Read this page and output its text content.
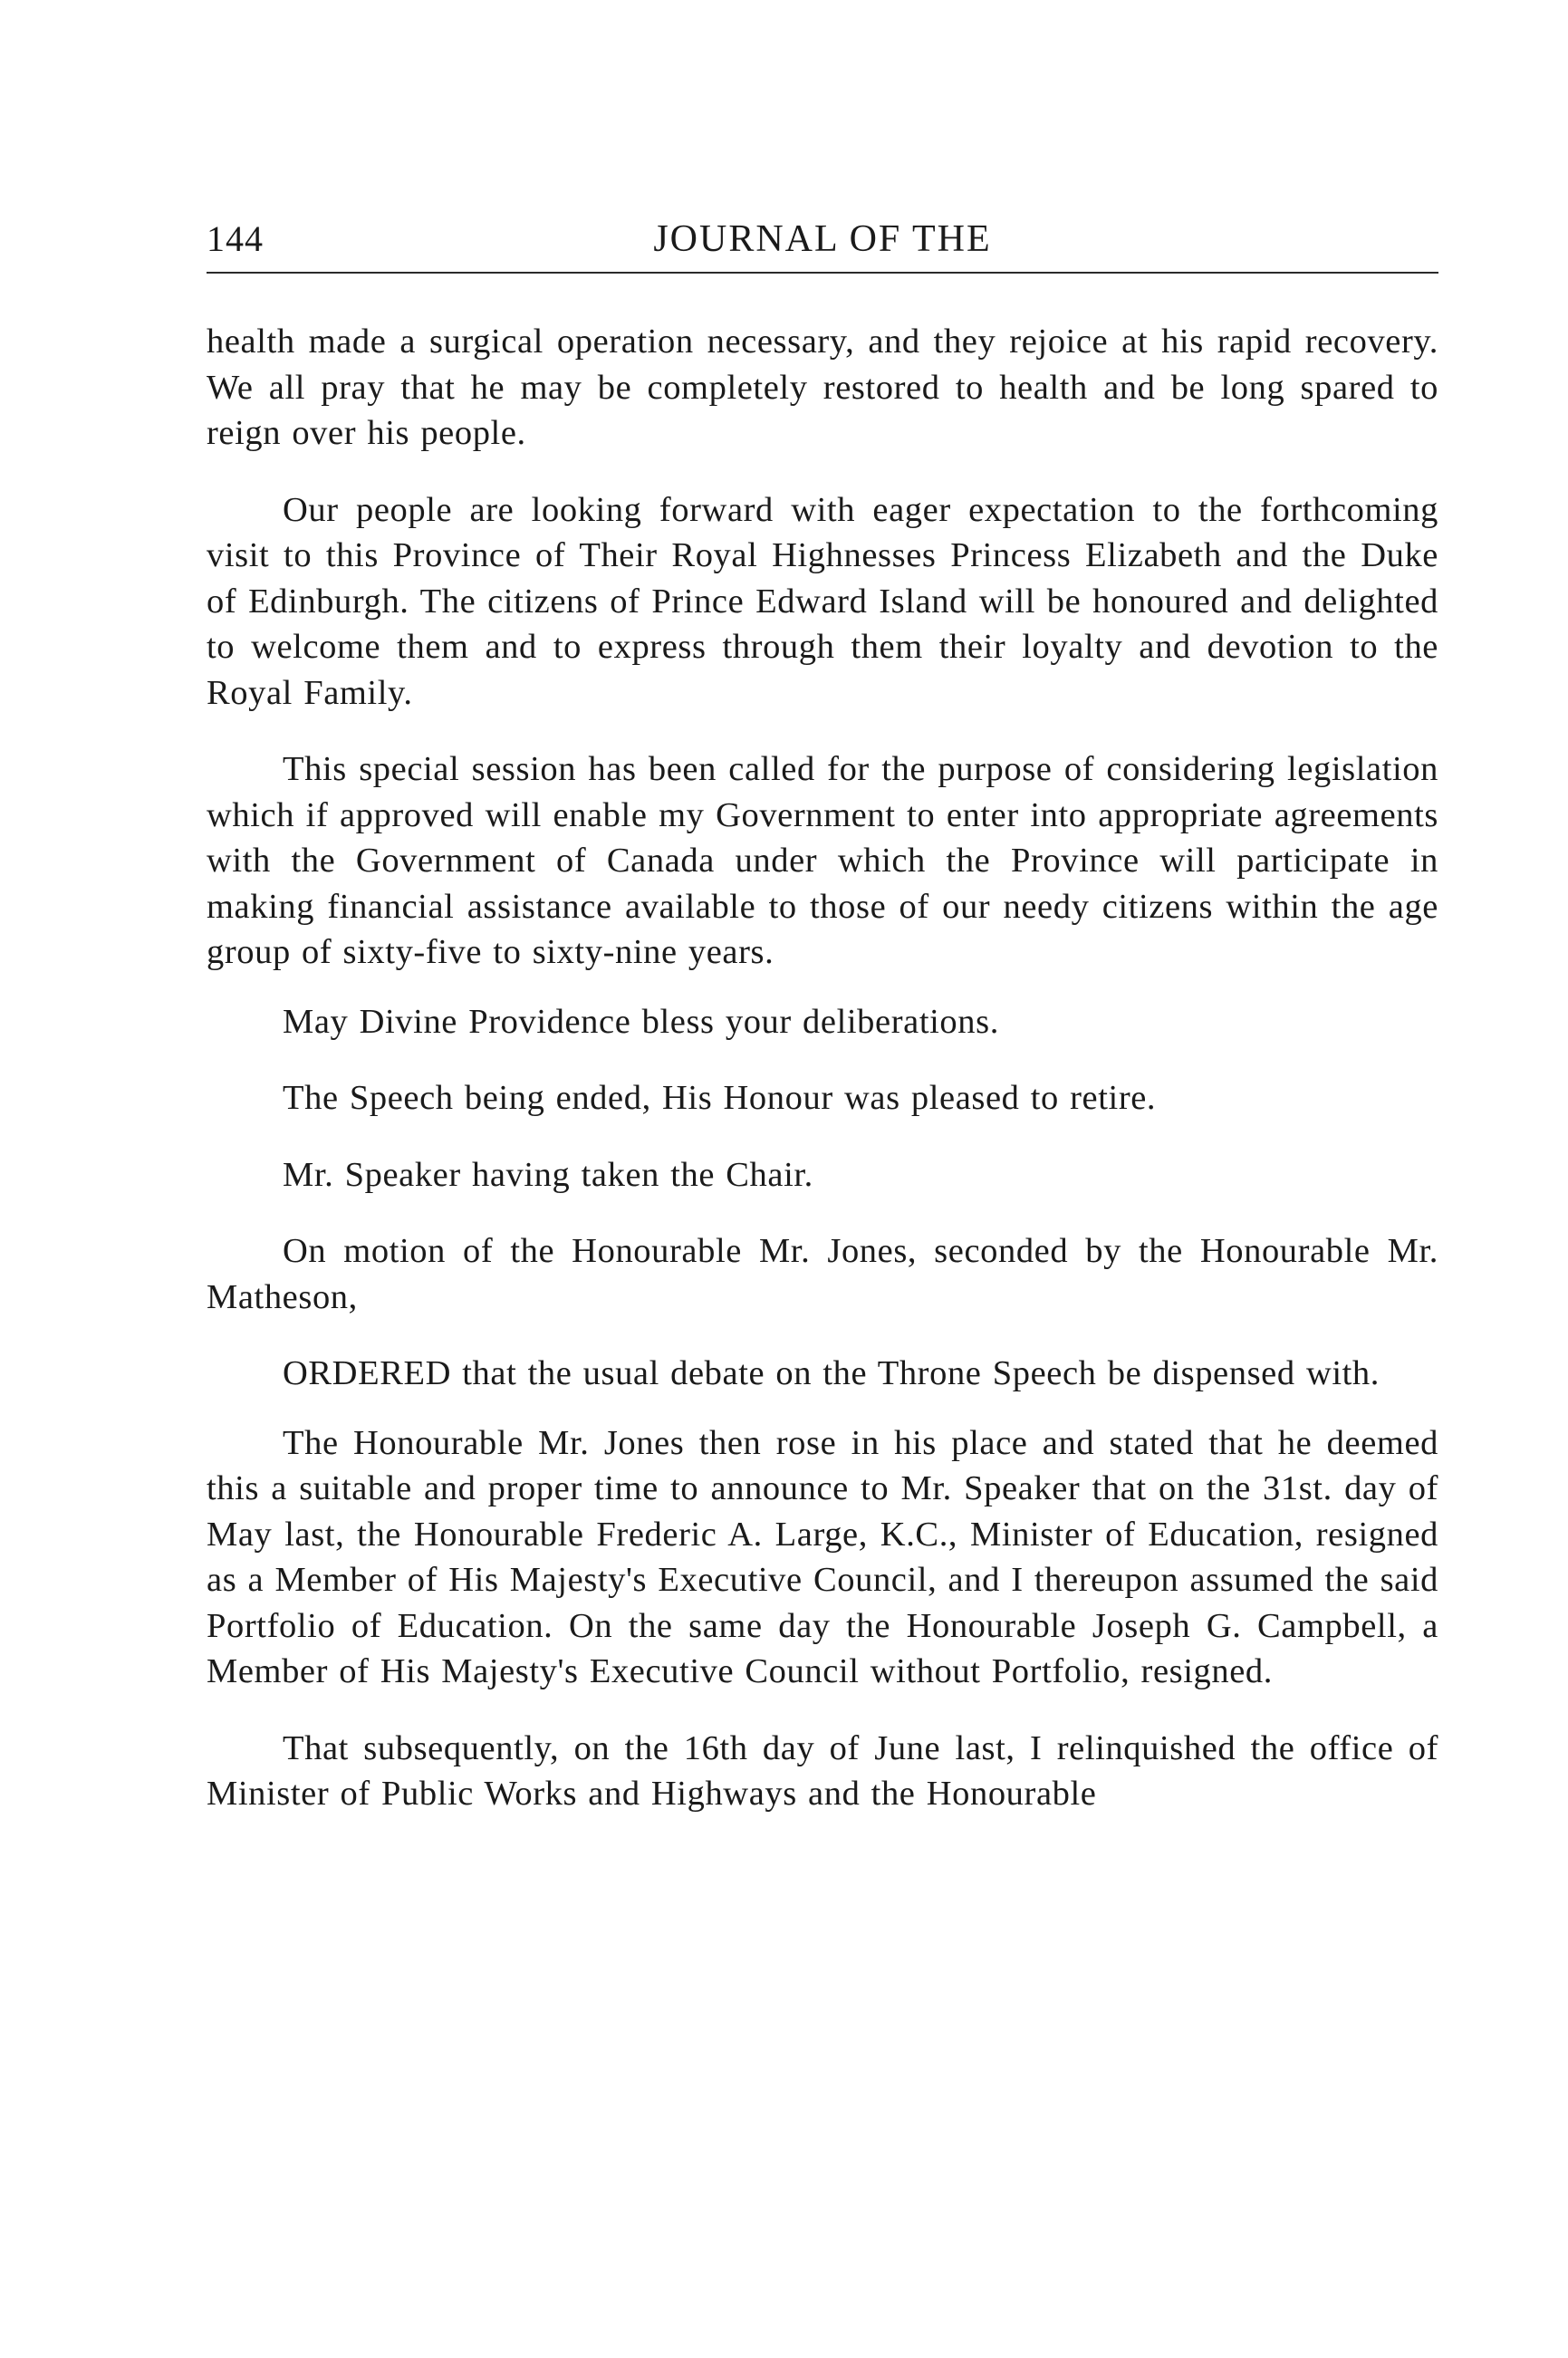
144	JOURNAL OF THE

health made a surgical operation necessary, and they rejoice at his rapid recovery. We all pray that he may be completely restored to health and be long spared to reign over his people.

Our people are looking forward with eager expectation to the forthcoming visit to this Province of Their Royal Highnesses Princess Elizabeth and the Duke of Edinburgh. The citizens of Prince Edward Island will be honoured and delighted to welcome them and to express through them their loyalty and devotion to the Royal Family.

This special session has been called for the purpose of considering legislation which if approved will enable my Government to enter into appropriate agreements with the Government of Canada under which the Province will participate in making financial assistance available to those of our needy citizens within the age group of sixty-five to sixty-nine years.

May Divine Providence bless your deliberations.

The Speech being ended, His Honour was pleased to retire.

Mr. Speaker having taken the Chair.

On motion of the Honourable Mr. Jones, seconded by the Honourable Mr. Matheson,

ORDERED that the usual debate on the Throne Speech be dispensed with.

The Honourable Mr. Jones then rose in his place and stated that he deemed this a suitable and proper time to announce to Mr. Speaker that on the 31st. day of May last, the Honourable Frederic A. Large, K.C., Minister of Education, resigned as a Member of His Majesty's Executive Council, and I thereupon assumed the said Portfolio of Education. On the same day the Honourable Joseph G. Campbell, a Member of His Majesty's Executive Council without Portfolio, resigned.

That subsequently, on the 16th day of June last, I relinquished the office of Minister of Public Works and Highways and the Honourable
